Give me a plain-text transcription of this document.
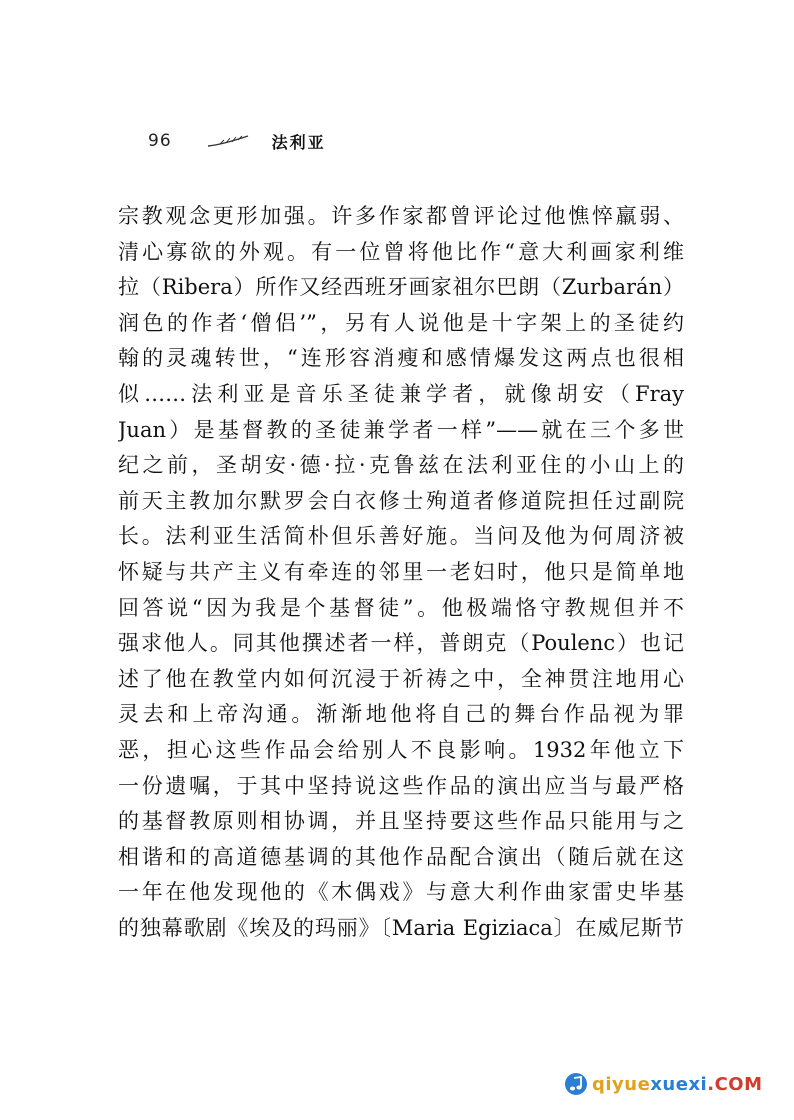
96	法利亚
宗教观念更形加强。许多作家都曾评论过他憔悴羸弱、
清心寡欲的外观。有一位曾将他比作“意大利画家利维
拉（Ribera）所作又经西班牙画家祖尔巴朗（Zurbarán）
润色的作者‘僧侣’”，另有人说他是十字架上的圣徒约
翰的灵魂转世，“连形容消瘦和感情爆发这两点也很相
似……法利亚是音乐圣徒兼学者，就像胡安（Fray
Juan）是基督教的圣徒兼学者一样”——就在三个多世
纪之前，圣胡安·德·拉·克鲁兹在法利亚住的小山上的
前天主教加尔默罗会白衣修士殉道者修道院担任过副院
长。法利亚生活简朴但乐善好施。当问及他为何周济被
怀疑与共产主义有牵连的邻里一老妇时，他只是简单地
回答说“因为我是个基督徒”。他极端恪守教规但并不
强求他人。同其他撰述者一样，普朗克（Poulenc）也记
述了他在教堂内如何沉浸于祈祷之中，全神贯注地用心
灵去和上帝沟通。渐渐地他将自己的舞台作品视为罪
恶，担心这些作品会给别人不良影响。1932年他立下
一份遗嘱，于其中坚持说这些作品的演出应当与最严格
的基督教原则相协调，并且坚持要这些作品只能用与之
相谐和的高道德基调的其他作品配合演出（随后就在这
一年在他发现他的《木偶戏》与意大利作曲家雷史毕基
的独幕歌剧《埃及的玛丽》〔Maria Egiziaca〕在威尼斯节
qiyue xuexi .COM
